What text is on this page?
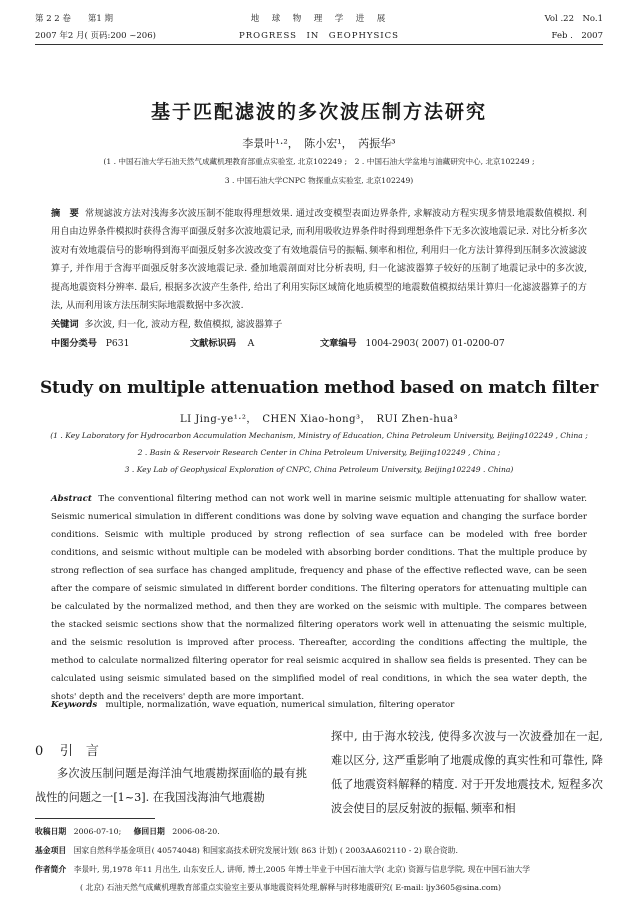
第 2 2 卷　　第1 期	地　球　物　理　学　进　展	Vol .22　No.1
2007 年2 月( 页码:200 ~206)	PROGRESS　IN　GEOPHYSICS	Feb .　2007
基于匹配滤波的多次波压制方法研究
李景叶¹·²，　陈小宏¹，　芮振华³
(1 . 中国石油大学石油天然气成藏机理教育部重点实验室, 北京102249 ;　2 . 中国石油大学盆地与油藏研究中心, 北京102249 ;
3 . 中国石油大学CNPC 物探重点实验室, 北京102249)
摘　要 常规滤波方法对浅海多次波压制不能取得理想效果. 通过改变模型表面边界条件, 求解波动方程实现多情景地震数值模拟. 利用自由边界条件模拟时获得含海平面强反射多次波地震记录, 而利用吸收边界条件时得到理想条件下无多次波地震记录. 对比分析多次波对有效地震信号的影响得到海平面强反射多次波改变了有效地震信号的振幅､频率和相位, 利用归一化方法计算得到压制多次波滤波算子, 并作用于含海平面强反射多次波地震记录. 叠加地震剖面对比分析表明, 归一化滤波器算子较好的压制了地震记录中的多次波, 提高地震资料分辨率. 最后, 根据多次波产生条件, 给出了利用实际区域简化地质模型的地震数值模拟结果计算归一化滤波器算子的方法, 从而利用该方法压制实际地震数据中多次波.
关键词 多次波, 归一化, 波动方程, 数值模拟, 滤波器算子
中图分类号 P631	文献标识码 A	文章编号 1004-2903( 2007) 01-0200-07
Study on multiple attenuation method based on match filter
LI Jing-ye¹·²，　CHEN Xiao-hong³，　RUI Zhen-hua³
(1 . Key Laboratory for Hydrocarbon Accumulation Mechanism, Ministry of Education, China Petroleum University, Beijing102249 , China ;
2 . Basin & Reservoir Research Center in China Petroleum University, Beijing102249 , China ;
3 . Key Lab of Geophysical Exploration of CNPC, China Petroleum University, Beijing102249 . China)
Abstract The conventional filtering method can not work well in marine seismic multiple attenuating for shallow water. Seismic numerical simulation in different conditions was done by solving wave equation and changing the surface border conditions. Seismic with multiple produced by strong reflection of sea surface can be modeled with free border conditions, and seismic without multiple can be modeled with absorbing border conditions. That the multiple produce by strong reflection of sea surface has changed amplitude, frequency and phase of the effective reflected wave, can be seen after the compare of seismic simulated in different border conditions. The filtering operators for attenuating multiple can be calculated by the normalized method, and then they are worked on the seismic with multiple. The compares between the stacked seismic sections show that the normalized filtering operators work well in attenuating the seismic multiple, and the seismic resolution is improved after process. Thereafter, according the conditions affecting the multiple, the method to calculate normalized filtering operator for real seismic acquired in shallow sea fields is presented. They can be calculated using seismic simulated based on the simplified model of real conditions, in which the sea water depth, the shots' depth and the receivers' depth are more important.
Keywords multiple, normalization, wave equation, numerical simulation, filtering operator
0 引　言
多次波压制问题是海洋油气地震勘探面临的最有挑战性的问题之一[1~3]. 在我国浅海油气地震勘
探中, 由于海水较浅, 使得多次波与一次波叠加在一起, 难以区分, 这严重影响了地震成像的真实性和可靠性, 降低了地震资料解释的精度. 对于开发地震技术, 短程多次波会使目的层反射波的振幅､频率和相
收稿日期 2006-07-10; 修回日期 2006-08-20.
基金项目 国家自然科学基金项目( 40574048) 和国家高技术研究发展计划( 863 计划) ( 2003AA602110 - 2) 联合资助.
作者简介 李景叶, 男,1978 年11 月出生, 山东安丘人, 讲师, 博士,2005 年博士毕业于中国石油大学( 北京) 资源与信息学院, 现在中国石油大学
( 北京) 石油天然气成藏机理教育部重点实验室主要从事地震资料处理,解释与时移地震研究( E-mail: ljy3605@sina.com)
